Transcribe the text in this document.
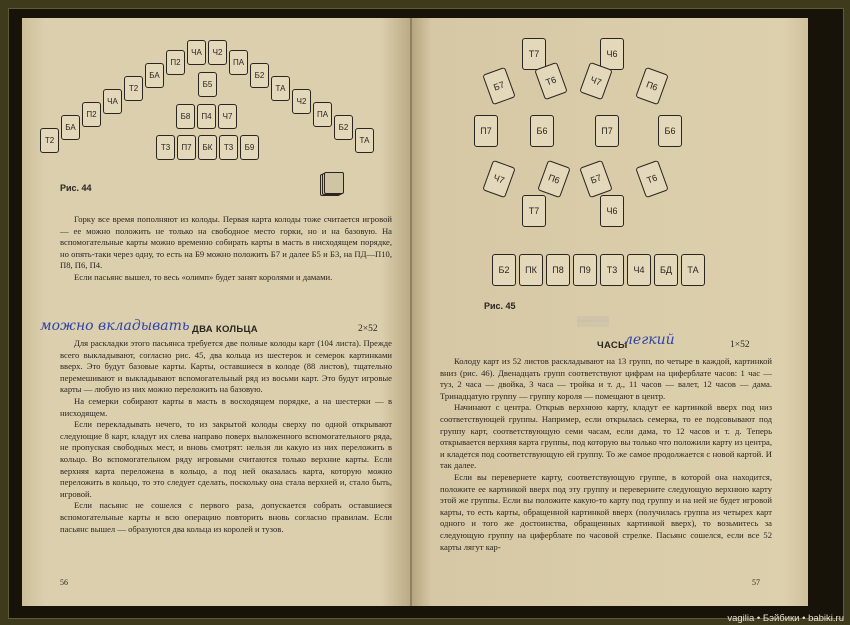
Т2
БА
П2
ЧА
Т2
БА
П2
ЧА	Ч2
ПА
Б2
ТА
Ч2
ПА
Б2
ТА
Б5
Б8	П4	Ч7
Т3	П7	БК	Т3	Б9
Рис. 44

Горку все время пополняют из колоды. Первая карта колоды тоже считается игровой — ее можно положить не только на свободное место горки, но и на базовую. На вспомогательные карты можно временно собирать карты в масть в нисходящем порядке, но опять-таки через одну, то есть на Б9 можно положить Б7 и далее Б5 и Б3, на ПД—П10, П8, П6, П4.

Если пасьянс вышел, то весь «олимп» будет занят королями и дамами.

можно вкладывать ДВА КОЛЬЦА	2×52

Для раскладки этого пасьянса требуется две полные колоды карт (104 листа). Прежде всего выкладывают, согласно рис. 45, два кольца из шестерок и семерок картинками вверх. Это будут базовые карты. Карты, оставшиеся в колоде (88 листов), тщательно перемешивают и выкладывают вспомогательный ряд из восьми карт. Это будут игровые карты — любую из них можно переложить на базовую.

На семерки собирают карты в масть в восходящем порядке, а на шестерки — в нисходящем.

Если перекладывать нечего, то из закрытой колоды сверху по одной открывают следующие 8 карт, кладут их слева направо поверх выложенного вспомогательного ряда, не пропуская свободных мест, и вновь смотрят: нельзя ли какую из них переложить в кольцо. Во вспомогательном ряду игровыми считаются только верхние карты. Если верхняя карта переложена в кольцо, а под ней оказалась карта, которую можно переложить в кольцо, то это следует сделать, поскольку она стала верхней и, стало быть, игровой.

Если пасьянс не сошелся с первого раза, допускается собрать оставшиеся вспомогательные карты и всю операцию повторить вновь согласно правилам. Если пасьянс вышел — образуются два кольца из королей и тузов.

56
Т7	Ч6
Б7	Т6	Ч7	П6
П7	Б6	П7	Б6
Ч7	П6	Б7	Т6
Т7	Ч6
Б2	ПК	П8	П9	Т3	Ч4	БД	ТА
Рис. 45
▒▒▒▒▒
ЧАСЫ
легкий	1×52

Колоду карт из 52 листов раскладывают на 13 групп, по четыре в каждой, картинкой вниз (рис. 46). Двенадцать групп соответствуют цифрам на циферблате часов: 1 час — туз, 2 часа — двойка, 3 часа — тройка и т. д., 11 часов — валет, 12 часов — дама. Тринадцатую группу — группу короля — помещают в центр.

Начинают с центра. Открыв верхнюю карту, кладут ее картинкой вверх под низ соответствующей группы. Например, если открылась семерка, то ее подсовывают под группу карт, соответствующую семи часам, если дама, то 12 часов и т. д. Теперь открывается верхняя карта группы, под которую вы только что положили карту из центра, и кладется под соответствующую ей группу. То же самое продолжается с новой картой. И так далее.

Если вы перевернете карту, соответствующую группе, в которой она находится, положите ее картинкой вверх под эту группу и переверните следующую верхнюю карту этой же группы. Если вы положите какую-то карту под группу и на ней не будет игровой карты, то есть карты, обращенной картинкой вверх (получилась группа из четырех карт одного и того же достоинства, обращенных картинкой вверх), то возьмитесь за следующую группу на циферблате по часовой стрелке. Пасьянс сошелся, если все 52 карты лягут кар-

57
vagilia • Бэйбики • babiki.ru
